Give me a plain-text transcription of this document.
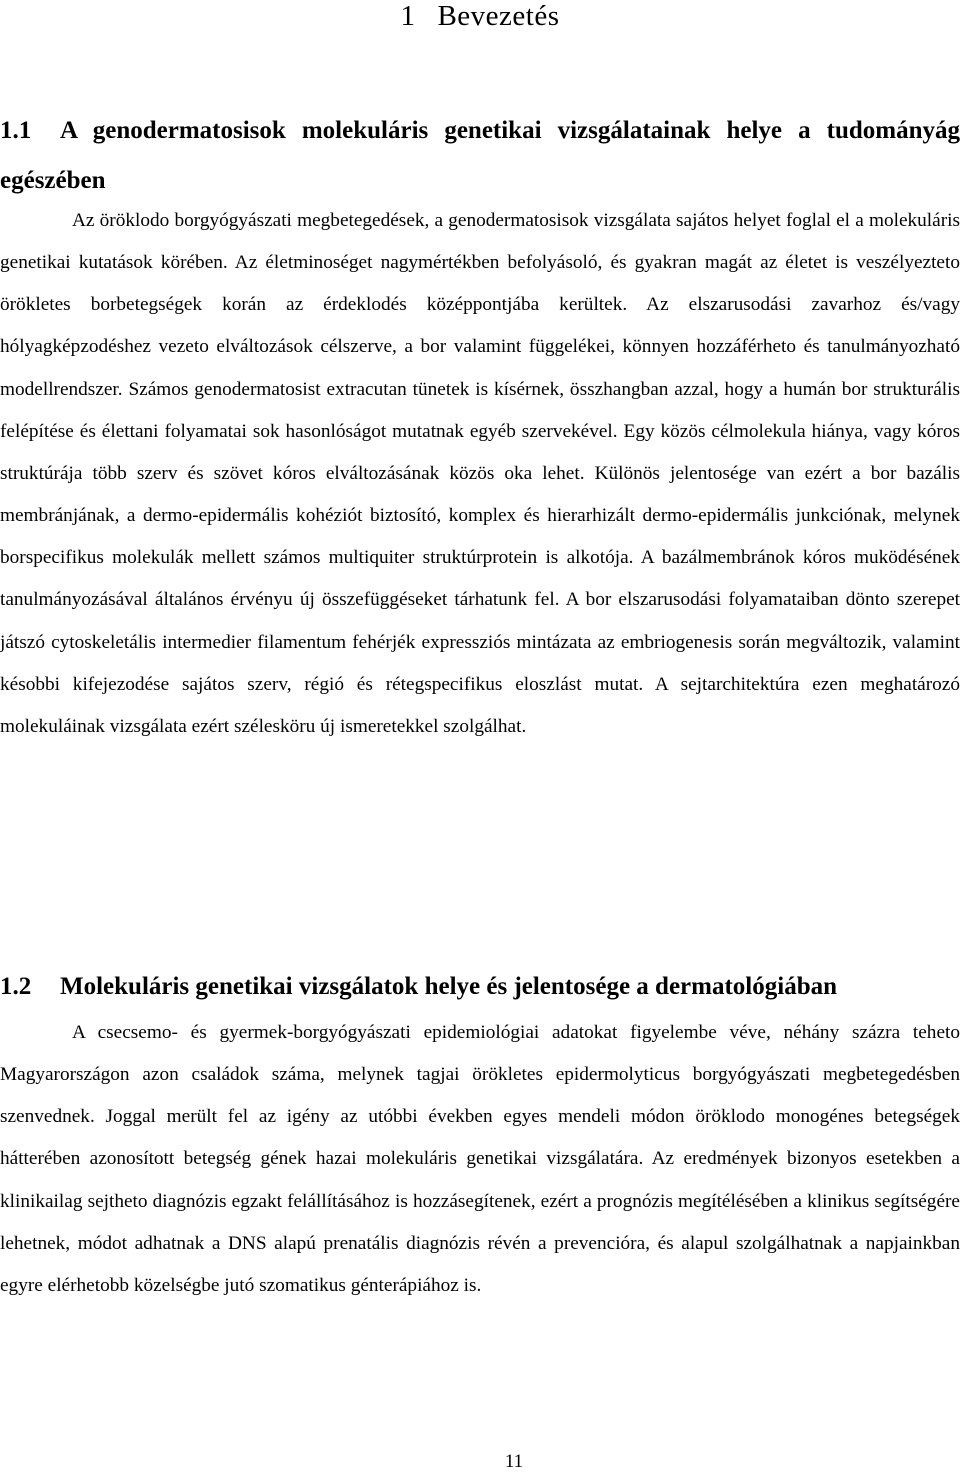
1 Bevezetés
1.1 A genodermatosisok molekuláris genetikai vizsgálatainak helye a tudományág egészében

Az öröklodo borgyógyászati megbetegedések, a genodermatosisok vizsgálata sajátos helyet foglal el a molekuláris genetikai kutatások körében. Az életminoséget nagymértékben befolyásoló, és gyakran magát az életet is veszélyezteto örökletes borbetegségek korán az érdeklodés középpontjába kerültek. Az elszarusodási zavarhoz és/vagy hólyagképzodéshez vezeto elváltozások célszerve, a bor valamint függelékei, könnyen hozzáférheto és tanulmányozható modellrendszer. Számos genodermatosist extracutan tünetek is kísérnek, összhangban azzal, hogy a humán bor strukturális felépítése és élettani folyamatai sok hasonlóságot mutatnak egyéb szervekével. Egy közös célmolekula hiánya, vagy kóros struktúrája több szerv és szövet kóros elváltozásának közös oka lehet. Különös jelentosége van ezért a bor bazális membránjának, a dermo-epidermális kohéziót biztosító, komplex és hierarhizált dermo-epidermális junkciónak, melynek borspecifikus molekulák mellett számos multiquiter struktúrprotein is alkotója. A bazálmembránok kóros muködésének tanulmányozásával általános érvényu új összefüggéseket tárhatunk fel. A bor elszarusodási folyamataiban dönto szerepet játszó cytoskeletális intermedier filamentum fehérjék expressziós mintázata az embriogenesis során megváltozik, valamint késobbi kifejezodése sajátos szerv, régió és rétegspecifikus eloszlást mutat. A sejtarchitektúra ezen meghatározó molekuláinak vizsgálata ezért szélesköru új ismeretekkel szolgálhat.

1.2 Molekuláris genetikai vizsgálatok helye és jelentosége a dermatológiában

A csecsemo- és gyermek-borgyógyászati epidemiológiai adatokat figyelembe véve, néhány százra teheto Magyarországon azon családok száma, melynek tagjai örökletes epidermolyticus borgyógyászati megbetegedésben szenvednek. Joggal merült fel az igény az utóbbi években egyes mendeli módon öröklodo monogénes betegségek hátterében azonosított betegség gének hazai molekuláris genetikai vizsgálatára. Az eredmények bizonyos esetekben a klinikailag sejtheto diagnózis egzakt felállításához is hozzásegítenek, ezért a prognózis megítélésében a klinikus segítségére lehetnek, módot adhatnak a DNS alapú prenatális diagnózis révén a prevencióra, és alapul szolgálhatnak a napjainkban egyre elérhetobb közelségbe jutó szomatikus génterápiához is.

11
